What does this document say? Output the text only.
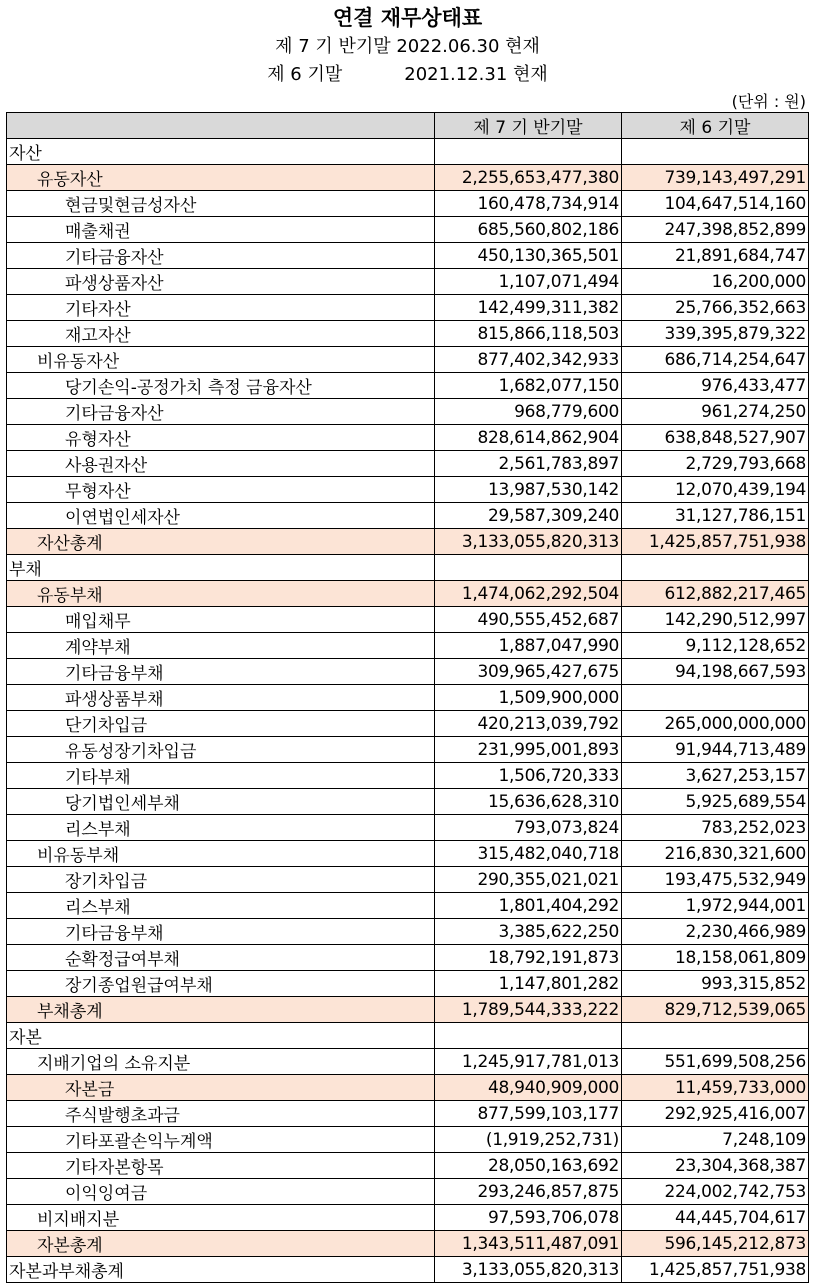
연결 재무상태표
제 7 기 반기말 2022.06.30 현재
제 6 기말	2021.12.31 현재
(단위 : 원)
	제 7 기 반기말	제 6 기말
자산		
유동자산	2,255,653,477,380	739,143,497,291
현금및현금성자산	160,478,734,914	104,647,514,160
매출채권	685,560,802,186	247,398,852,899
기타금융자산	450,130,365,501	21,891,684,747
파생상품자산	1,107,071,494	16,200,000
기타자산	142,499,311,382	25,766,352,663
재고자산	815,866,118,503	339,395,879,322
비유동자산	877,402,342,933	686,714,254,647
당기손익-공정가치 측정 금융자산	1,682,077,150	976,433,477
기타금융자산	968,779,600	961,274,250
유형자산	828,614,862,904	638,848,527,907
사용권자산	2,561,783,897	2,729,793,668
무형자산	13,987,530,142	12,070,439,194
이연법인세자산	29,587,309,240	31,127,786,151
자산총계	3,133,055,820,313	1,425,857,751,938
부채		
유동부채	1,474,062,292,504	612,882,217,465
매입채무	490,555,452,687	142,290,512,997
계약부채	1,887,047,990	9,112,128,652
기타금융부채	309,965,427,675	94,198,667,593
파생상품부채	1,509,900,000	
단기차입금	420,213,039,792	265,000,000,000
유동성장기차입금	231,995,001,893	91,944,713,489
기타부채	1,506,720,333	3,627,253,157
당기법인세부채	15,636,628,310	5,925,689,554
리스부채	793,073,824	783,252,023
비유동부채	315,482,040,718	216,830,321,600
장기차입금	290,355,021,021	193,475,532,949
리스부채	1,801,404,292	1,972,944,001
기타금융부채	3,385,622,250	2,230,466,989
순확정급여부채	18,792,191,873	18,158,061,809
장기종업원급여부채	1,147,801,282	993,315,852
부채총계	1,789,544,333,222	829,712,539,065
자본		
지배기업의 소유지분	1,245,917,781,013	551,699,508,256
자본금	48,940,909,000	11,459,733,000
주식발행초과금	877,599,103,177	292,925,416,007
기타포괄손익누계액	(1,919,252,731)	7,248,109
기타자본항목	28,050,163,692	23,304,368,387
이익잉여금	293,246,857,875	224,002,742,753
비지배지분	97,593,706,078	44,445,704,617
자본총계	1,343,511,487,091	596,145,212,873
자본과부채총계	3,133,055,820,313	1,425,857,751,938
